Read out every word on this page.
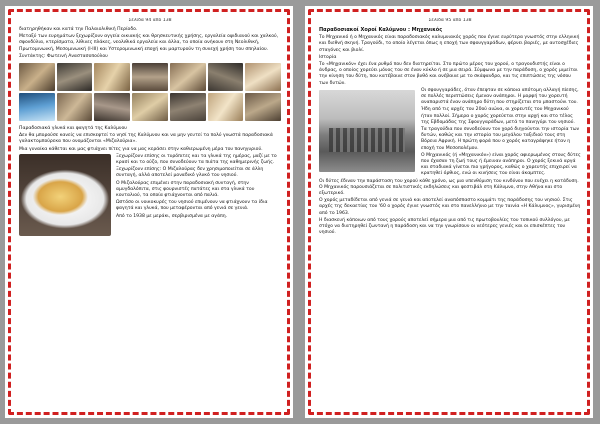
Σελίδα 94 από 138

διατηρηθήκαν και κατά την Παλαιολιθική Περίοδο.

Μεταξύ των ευρημάτων ξεχωρίζουν αγγεία οικιακής και θρησκευτικής χρήσης, εργαλεία οψιδιανού και χαλκού, σφονδύλια, κτερίσματα, λίθινες πλάκες, νεολιθικά εργαλεία και άλλα, τα οποία ανήκουν στη Νεολιθική, Πρωτομινωική, Μεσομινωική (Ι-ΙΙΙ) και Υστερομινωική εποχή και μαρτυρούν τη συνεχή χρήση του σπηλαίου.

Συντάκτης: Φωτεινή Αναστασοπούλου

Παραδοσιακά γλυκά και φαγητά της Καλύμνου

Δεν θα μπορούσε κανείς να επισκεφτεί το νησί της Καλύμνου και να μην γευτεί τα πολύ γνωστά παραδοσιακά γαλακτομπούρεκα που ονομάζονται «Μιζαλούρια».

Μια γυναίκα κάθεται και μας φτιάχνει πίτες για να μας κεράσει στην καθιερωμένη μέρα του πανηγυριού.

Ξεχωρίζουν επίσης οι τυρόπιτες και τα γλυκά της ημέρας, μαζί με το κρασί και το ούζο, που συνοδεύουν τα πιάτα της καθημερινής ζωής.

Ξεχωρίζουν επίσης: Ο Μιζαλούρας δεν χρησιμοποιείται σε άλλη συνταγή, αλλά αποτελεί μοναδικό γλυκό του νησιού.

Ο Μιζαλούρας επιμένει στην παραδοσιακή συνταγή, στην αμυγδαλόπιτα, στις φουρνιστές πατάτες και στα γλυκά του κουταλιού, τα οποία φτιάχνονται από παλιά.

Ωστόσο οι νοικοκυρές του νησιού επιμένουν να φτιάχνουν τα ίδια φαγητά και γλυκά, που μεταφέρονται από γενιά σε γενιά.

Από το 1938 με μεράκι, σερβιρισμένα με αγάπη.

Σελίδα 95 από 138

Παραδοσιακοί Χοροί Καλύμνου : Μηχανικός

Το Μηχανικό ή ο Μηχανικός είναι παραδοσιακός καλυμνιακός χορός που έγινε ευρύτερα γνωστός στην ελληνική και διεθνή σκηνή. Τραγούδι, το οποίο λέγεται όπως η εποχή των σφουγγαράδων, φέρνει βαριές, με αυτοσχέδιες σταγόνες και βιολί.

Ιστορία

Το «Μηχανικόν» έχει ένα ρυθμό που δεν διατηρείται. Στο πρώτο μέρος του χορού, ο τραγουδιστής είναι ο άνδρας, ο οποίος χορεύει μόνος του σε έναν κύκλο ή σε μια σειρά. Σύμφωνα με την παράδοση, ο χορός μιμείται την κίνηση του δύτη, που κατέβαινε στον βυθό και ανέβαινε με το σκάφανδρο, και τις επιπτώσεις της νόσου των δυτών.

Οι σφουγγαράδες, όταν έπεφταν σε κάποια απότομη αλλαγή πίεσης, σε πολλές περιπτώσεις έμεναν ανάπηροι. Η μορφή του χορευτή αναπαριστά έναν ανάπηρο δύτη που στηρίζεται στο μπαστούνι του.

Ήδη από τις αρχές του 20ού αιώνα, οι χορευτές του Μηχανικού ήταν πολλοί. Σήμερα ο χορός χορεύεται στην αρχή και στο τέλος της Εβδομάδας της Σφουγγαράδων, μετά το πανηγύρι του νησιού.

Τα τραγούδια που συνοδεύουν τον χορό διηγούνται την ιστορία των δυτών, καθώς και την ιστορία του μεγάλου ταξιδιού τους στη Βόρεια Αφρική. Η πρώτη φορά που ο χορός καταγράφηκε ήταν η εποχή του Μεσοπολέμου.

Ο Μηχανικός (ή «Μηχανικόν») είναι χορός αφιερωμένος στους δύτες που έχασαν τη ζωή τους ή έμειναν ανάπηροι. Ο χορός ξεκινά αργά και σταδιακά γίνεται πιο γρήγορος, καθώς ο χορευτής επιχειρεί να κρατηθεί όρθιος, ενώ οι κινήσεις του είναι άκαμπτες.

Οι δύτες έδιναν την παράσταση του χορού κάθε χρόνο, ως μια υπενθύμιση του κινδύνου που ενέχει η κατάδυση. Ο Μηχανικός παρουσιάζεται σε πολιτιστικές εκδηλώσεις και φεστιβάλ στη Κάλυμνο, στην Αθήνα και στο εξωτερικό.

Ο χορός μεταδίδεται από γενιά σε γενιά και αποτελεί αναπόσπαστο κομμάτι της παράδοσης του νησιού. Στις αρχές της δεκαετίας του '60 ο χορός έγινε γνωστός και στο πανελλήνιο με την ταινία «Η Κάλυμνος», γυρισμένη από το 1963.

Η διασκευή κάποιων από τους χορούς αποτελεί σήμερα μια από τις πρωτοβουλίες του τοπικού συλλόγου, με στόχο να διατηρηθεί ζωντανή η παράδοση και να την γνωρίσουν οι νεότερες γενιές και οι επισκέπτες του νησιού.
